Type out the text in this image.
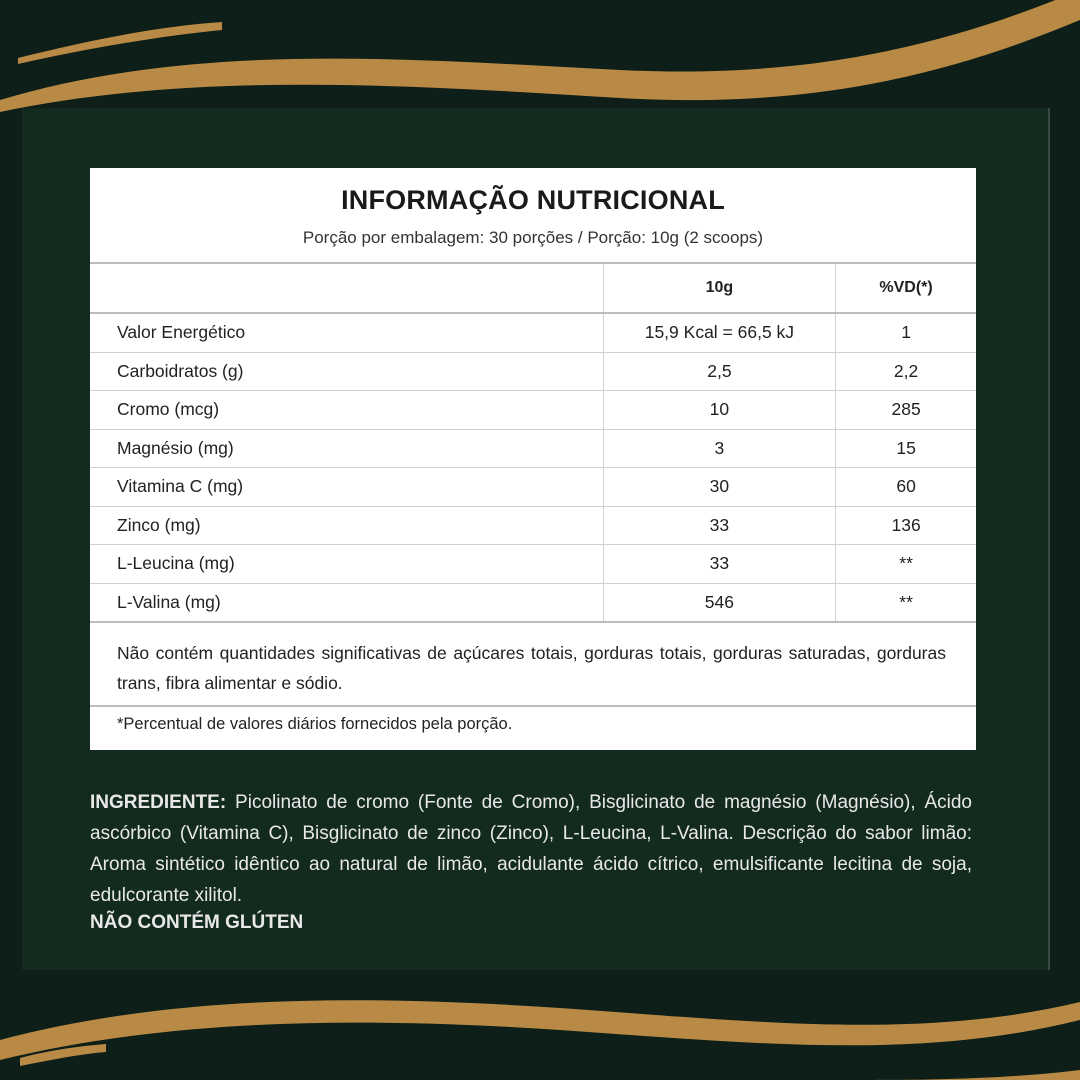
INFORMAÇÃO NUTRICIONAL
Porção por embalagem: 30 porções / Porção: 10g (2 scoops)
	10g	%VD(*)
Valor Energético	15,9 Kcal = 66,5 kJ	1
Carboidratos (g)	2,5	2,2
Cromo (mcg)	10	285
Magnésio (mg)	3	15
Vitamina C (mg)	30	60
Zinco (mg)	33	136
L-Leucina (mg)	33	**
L-Valina (mg)	546	**
Não contém quantidades significativas de açúcares totais, gorduras totais, gorduras saturadas, gorduras trans, fibra alimentar e sódio.
*Percentual de valores diários fornecidos pela porção.
INGREDIENTE: Picolinato de cromo (Fonte de Cromo), Bisglicinato de magnésio (Magnésio), Ácido ascórbico (Vitamina C), Bisglicinato de zinco (Zinco), L-Leucina, L-Valina. Descrição do sabor limão: Aroma sintético idêntico ao natural de limão, acidulante ácido cítrico, emulsificante lecitina de soja, edulcorante xilitol.
NÃO CONTÉM GLÚTEN
